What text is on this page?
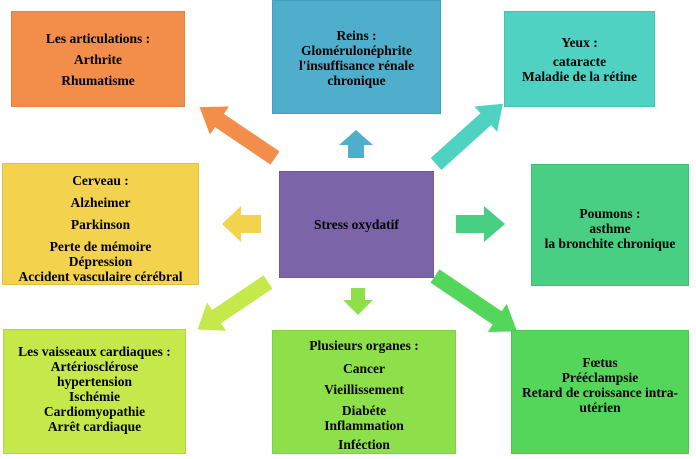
Les articulations :
Arthrite
Rhumatisme
Reins :
Glomérulonéphrite
l'insuffisance rénale
chronique
Yeux :
cataracte
Maladie de la rétine
Cerveau :
Alzheimer
Parkinson
Perte de mémoire
Dépression
Accident vasculaire cérébral
Stress oxydatif
Poumons :
asthme
la bronchite chronique
Les vaisseaux cardiaques :
Artériosclérose
hypertension
Ischémie
Cardiomyopathie
Arrêt cardiaque
Plusieurs organes :
Cancer
Vieillissement
Diabéte
Inflammation
Inféction
Fœtus
Prééclampsie
Retard de croissance intra-
utérien
